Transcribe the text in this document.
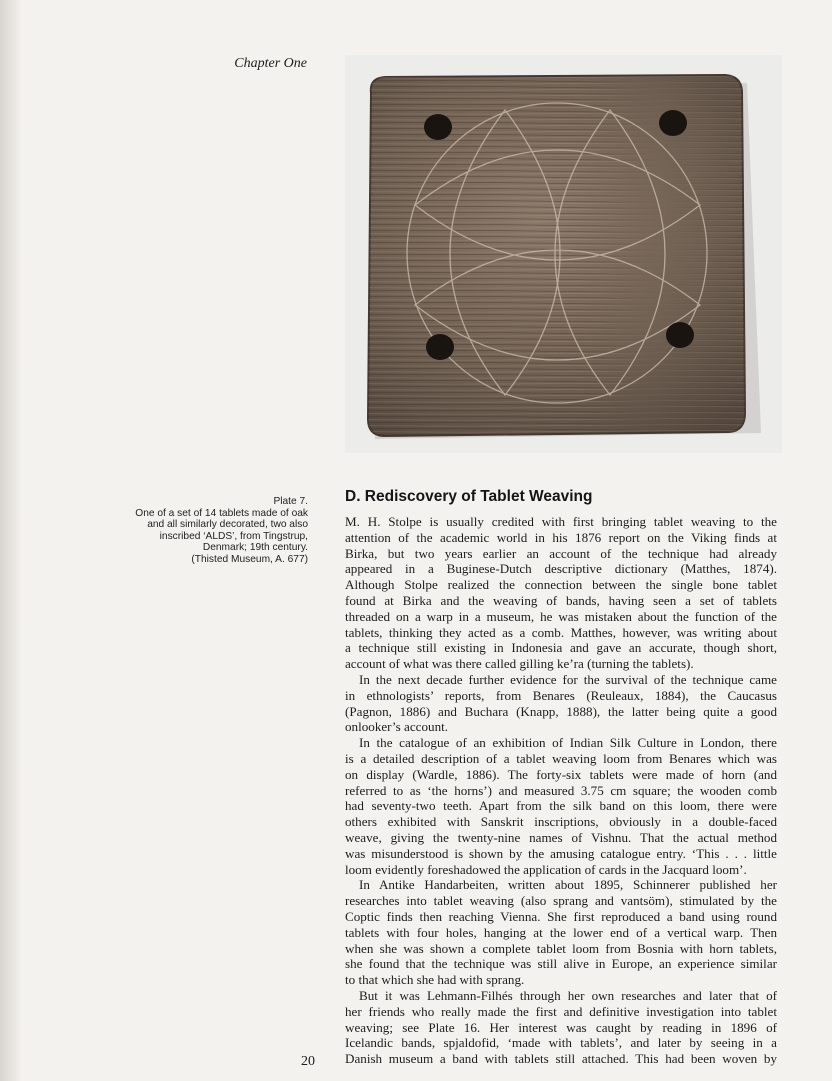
Chapter One
Plate 7.
One of a set of 14 tablets made of oak
and all similarly decorated, two also
inscribed ‘ALDS’, from Tingstrup,
Denmark; 19th century.
(Thisted Museum, A. 677)
D. Rediscovery of Tablet Weaving
M. H. Stolpe is usually credited with first bringing tablet weaving to the
attention of the academic world in his 1876 report on the Viking finds at
Birka, but two years earlier an account of the technique had already
appeared in a Buginese-Dutch descriptive dictionary (Matthes, 1874).
Although Stolpe realized the connection between the single bone tablet
found at Birka and the weaving of bands, having seen a set of tablets
threaded on a warp in a museum, he was mistaken about the function of the
tablets, thinking they acted as a comb. Matthes, however, was writing about
a technique still existing in Indonesia and gave an accurate, though short,
account of what was there called gilling ke’ra (turning the tablets).
In the next decade further evidence for the survival of the technique came
in ethnologists’ reports, from Benares (Reuleaux, 1884), the Caucasus
(Pagnon, 1886) and Buchara (Knapp, 1888), the latter being quite a good
onlooker’s account.
In the catalogue of an exhibition of Indian Silk Culture in London, there
is a detailed description of a tablet weaving loom from Benares which was
on display (Wardle, 1886). The forty-six tablets were made of horn (and
referred to as ‘the horns’) and measured 3.75 cm square; the wooden comb
had seventy-two teeth. Apart from the silk band on this loom, there were
others exhibited with Sanskrit inscriptions, obviously in a double-faced
weave, giving the twenty-nine names of Vishnu. That the actual method
was misunderstood is shown by the amusing catalogue entry. ‘This . . . little
loom evidently foreshadowed the application of cards in the Jacquard loom’.
In Antike Handarbeiten, written about 1895, Schinnerer published her
researches into tablet weaving (also sprang and vantsöm), stimulated by the
Coptic finds then reaching Vienna. She first reproduced a band using round
tablets with four holes, hanging at the lower end of a vertical warp. Then
when she was shown a complete tablet loom from Bosnia with horn tablets,
she found that the technique was still alive in Europe, an experience similar
to that which she had with sprang.
But it was Lehmann-Filhés through her own researches and later that of
her friends who really made the first and definitive investigation into tablet
weaving; see Plate 16. Her interest was caught by reading in 1896 of
Icelandic bands, spjaldofid, ‘made with tablets’, and later by seeing in a
Danish museum a band with tablets still attached. This had been woven by
20
